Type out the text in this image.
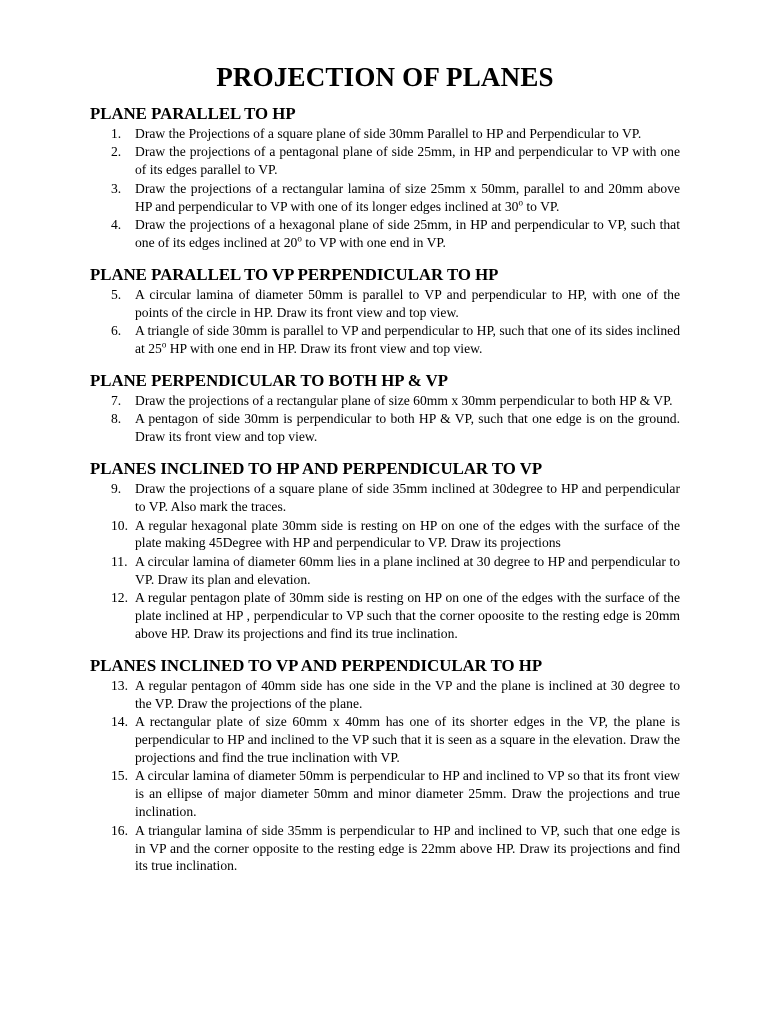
PROJECTION OF PLANES
PLANE PARALLEL TO HP
1. Draw the Projections of a square plane of side 30mm Parallel to HP and Perpendicular to VP.
2. Draw the projections of a pentagonal plane of side 25mm, in HP and perpendicular to VP with one of its edges parallel to VP.
3. Draw the projections of a rectangular lamina of size 25mm x 50mm, parallel to and 20mm above HP and perpendicular to VP with one of its longer edges inclined at 30$^o$ to VP.
4. Draw the projections of a hexagonal plane of side 25mm, in HP and perpendicular to VP, such that one of its edges inclined at 20$^o$ to VP with one end in VP.
PLANE PARALLEL TO VP PERPENDICULAR TO HP
5. A circular lamina of diameter 50mm is parallel to VP and perpendicular to HP, with one of the points of the circle in HP. Draw its front view and top view.
6. A triangle of side 30mm is parallel to VP and perpendicular to HP, such that one of its sides inclined at 25$^o$ HP with one end in HP. Draw its front view and top view.
PLANE PERPENDICULAR TO BOTH HP & VP
7. Draw the projections of a rectangular plane of size 60mm x 30mm perpendicular to both HP & VP.
8. A pentagon of side 30mm is perpendicular to both HP & VP, such that one edge is on the ground. Draw its front view and top view.
PLANES INCLINED TO HP AND PERPENDICULAR TO VP
9. Draw the projections of a square plane of side 35mm inclined at 30degree to HP and perpendicular to VP. Also mark the traces.
10. A regular hexagonal plate 30mm side is resting on HP on one of the edges with the surface of the plate making 45Degree with HP and perpendicular to VP. Draw its projections
11. A circular lamina of diameter 60mm lies in a plane inclined at 30 degree to HP and perpendicular to VP. Draw its plan and elevation.
12. A regular pentagon plate of 30mm side is resting on HP on one of the edges with the surface of the plate inclined at HP , perpendicular to VP such that the corner opoosite to the resting edge is 20mm above HP. Draw its projections and find its true inclination.
PLANES INCLINED TO VP AND PERPENDICULAR TO HP
13. A regular pentagon of 40mm side has one side in the VP and the plane is inclined at 30 degree to the VP. Draw the projections of the plane.
14. A rectangular plate of size 60mm x 40mm has one of its shorter edges in the VP, the plane is perpendicular to HP and inclined to the VP such that it is seen as a square in the elevation. Draw the projections and find the true inclination with VP.
15. A circular lamina of diameter 50mm is perpendicular to HP and inclined to VP so that its front view is an ellipse of major diameter 50mm and minor diameter 25mm. Draw the projections and true inclination.
16. A triangular lamina of side 35mm is perpendicular to HP and inclined to VP, such that one edge is in VP and the corner opposite to the resting edge is 22mm above HP. Draw its projections and find its true inclination.
